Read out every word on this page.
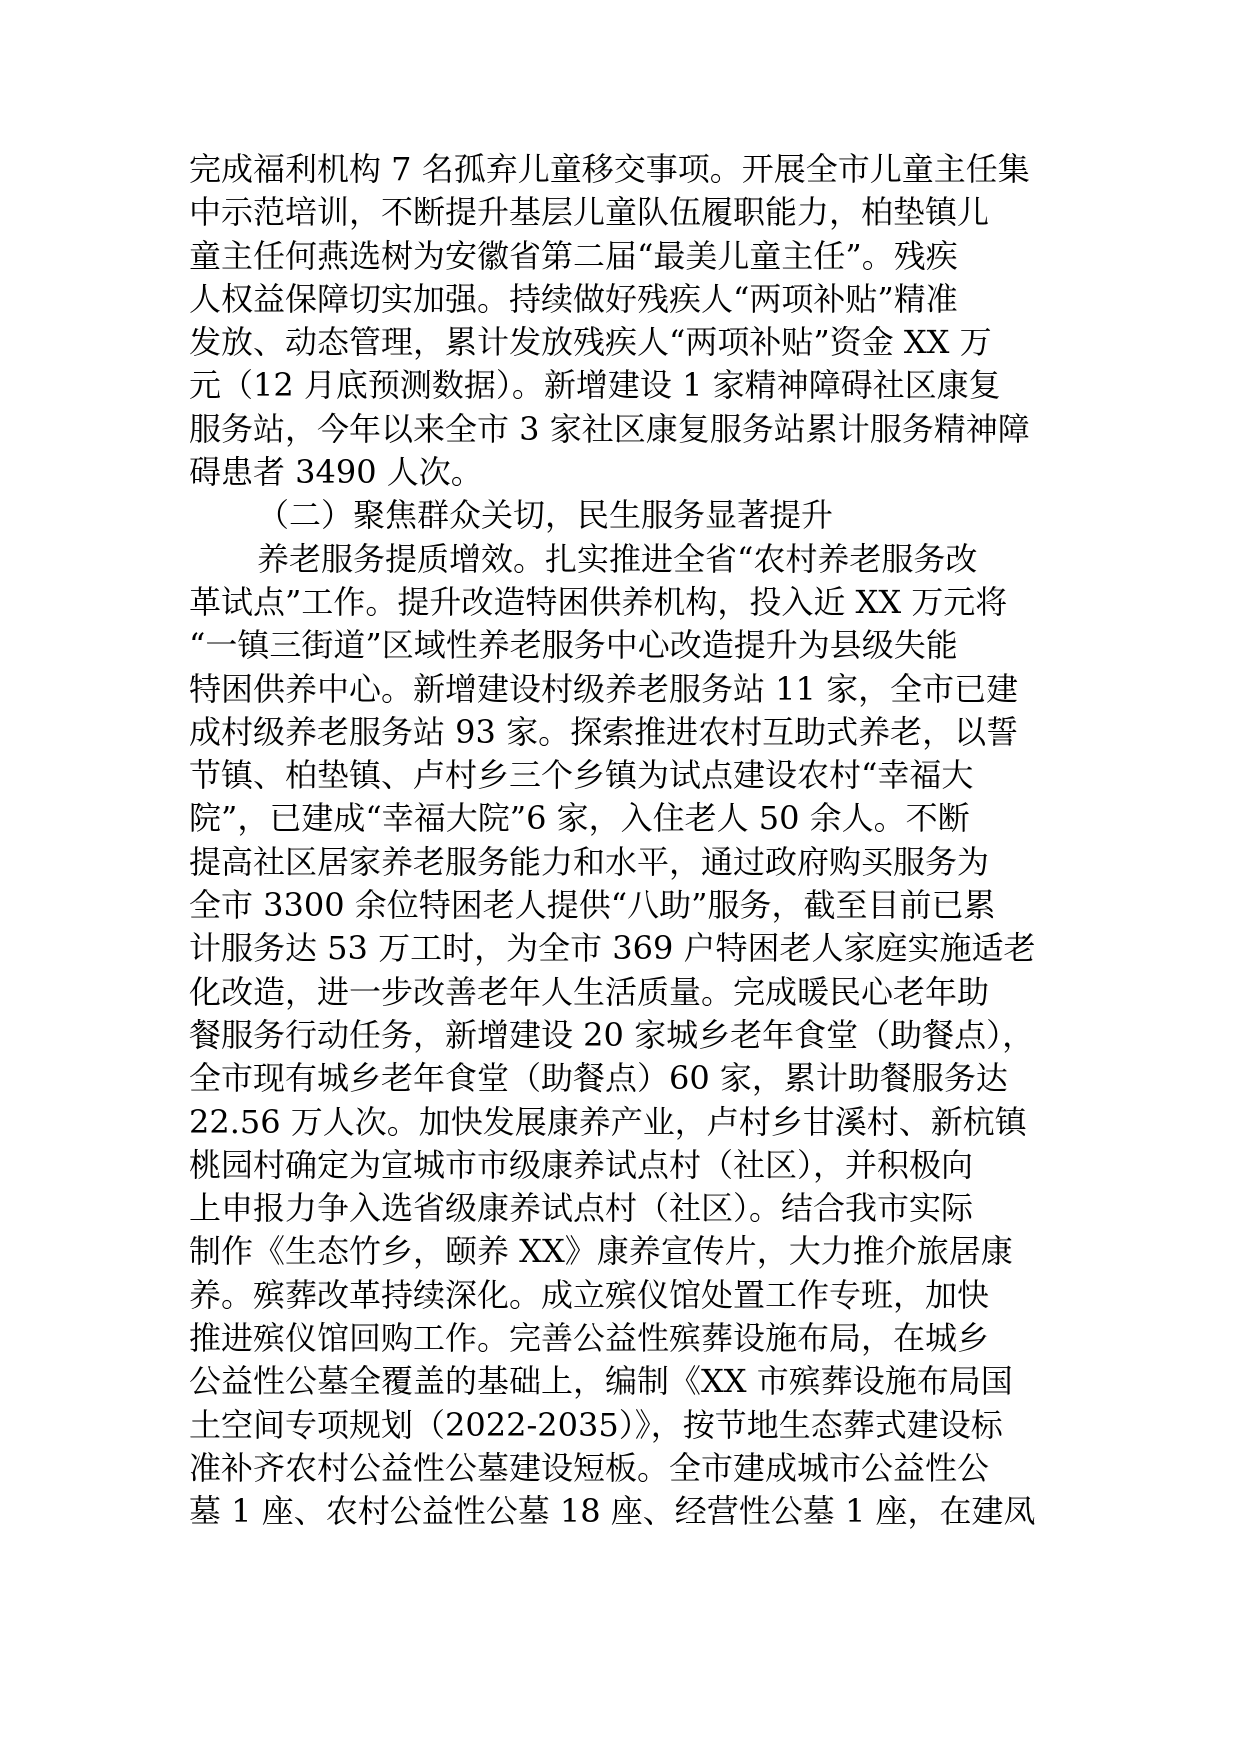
完成福利机构 7 名孤弃儿童移交事项。开展全市儿童主任集
中示范培训，不断提升基层儿童队伍履职能力，柏垫镇儿
童主任何燕选树为安徽省第二届“最美儿童主任”。残疾
人权益保障切实加强。持续做好残疾人“两项补贴”精准
发放、动态管理，累计发放残疾人“两项补贴”资金 XX 万
元（12 月底预测数据）。新增建设 1 家精神障碍社区康复
服务站，今年以来全市 3 家社区康复服务站累计服务精神障
碍患者 3490 人次。
（二）聚焦群众关切，民生服务显著提升
养老服务提质增效。扎实推进全省“农村养老服务改
革试点”工作。提升改造特困供养机构，投入近 XX 万元将
“一镇三街道”区域性养老服务中心改造提升为县级失能
特困供养中心。新增建设村级养老服务站 11 家，全市已建
成村级养老服务站 93 家。探索推进农村互助式养老，以誓
节镇、柏垫镇、卢村乡三个乡镇为试点建设农村“幸福大
院”，已建成“幸福大院”6 家，入住老人 50 余人。不断
提高社区居家养老服务能力和水平，通过政府购买服务为
全市 3300 余位特困老人提供“八助”服务，截至目前已累
计服务达 53 万工时，为全市 369 户特困老人家庭实施适老
化改造，进一步改善老年人生活质量。完成暖民心老年助
餐服务行动任务，新增建设 20 家城乡老年食堂（助餐点），
全市现有城乡老年食堂（助餐点）60 家，累计助餐服务达
22.56 万人次。加快发展康养产业，卢村乡甘溪村、新杭镇
桃园村确定为宣城市市级康养试点村（社区），并积极向
上申报力争入选省级康养试点村（社区）。结合我市实际
制作《生态竹乡，颐养 XX》康养宣传片，大力推介旅居康
养。殡葬改革持续深化。成立殡仪馆处置工作专班，加快
推进殡仪馆回购工作。完善公益性殡葬设施布局，在城乡
公益性公墓全覆盖的基础上，编制《XX 市殡葬设施布局国
土空间专项规划（2022-2035）》，按节地生态葬式建设标
准补齐农村公益性公墓建设短板。全市建成城市公益性公
墓 1 座、农村公益性公墓 18 座、经营性公墓 1 座，在建凤
